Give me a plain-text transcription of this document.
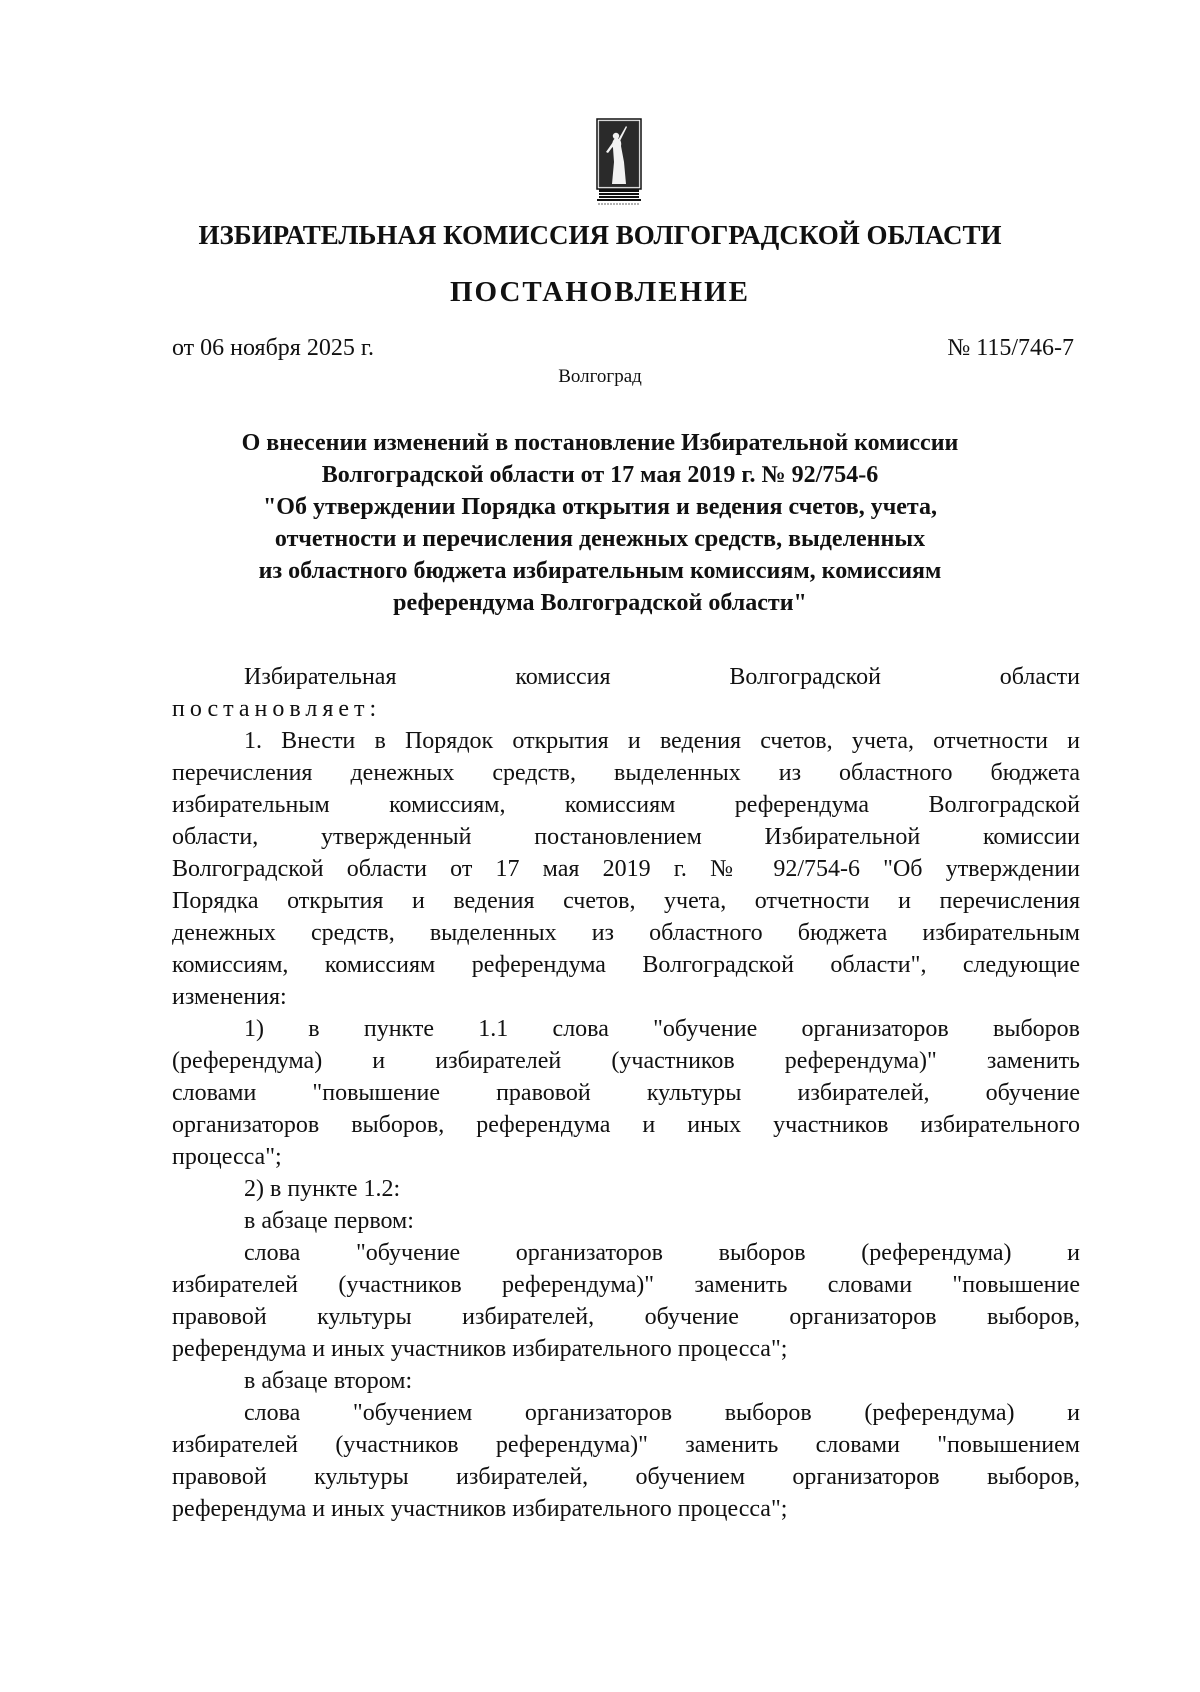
ИЗБИРАТЕЛЬНАЯ КОМИССИЯ ВОЛГОГРАДСКОЙ ОБЛАСТИ
ПОСТАНОВЛЕНИЕ
от 06 ноября 2025 г.	№ 115/746-7
Волгоград
О внесении изменений в постановление Избирательной комиссии
Волгоградской области от 17 мая 2019 г. № 92/754-6
"Об утверждении Порядка открытия и ведения счетов, учета,
отчетности и перечисления денежных средств, выделенных
из областного бюджета избирательным комиссиям, комиссиям
референдума Волгоградской области"
Избирательная комиссия Волгоградской области
постановляет:
1. Внести в Порядок открытия и ведения счетов, учета, отчетности и
перечисления денежных средств, выделенных из областного бюджета
избирательным комиссиям, комиссиям референдума Волгоградской
области, утвержденный постановлением Избирательной комиссии
Волгоградской области от 17 мая 2019 г. № 92/754-6 "Об утверждении
Порядка открытия и ведения счетов, учета, отчетности и перечисления
денежных средств, выделенных из областного бюджета избирательным
комиссиям, комиссиям референдума Волгоградской области", следующие
изменения:
1) в пункте 1.1 слова "обучение организаторов выборов
(референдума) и избирателей (участников референдума)" заменить
словами "повышение правовой культуры избирателей, обучение
организаторов выборов, референдума и иных участников избирательного
процесса";
2) в пункте 1.2:
в абзаце первом:
слова "обучение организаторов выборов (референдума) и
избирателей (участников референдума)" заменить словами "повышение
правовой культуры избирателей, обучение организаторов выборов,
референдума и иных участников избирательного процесса";
в абзаце втором:
слова "обучением организаторов выборов (референдума) и
избирателей (участников референдума)" заменить словами "повышением
правовой культуры избирателей, обучением организаторов выборов,
референдума и иных участников избирательного процесса";
